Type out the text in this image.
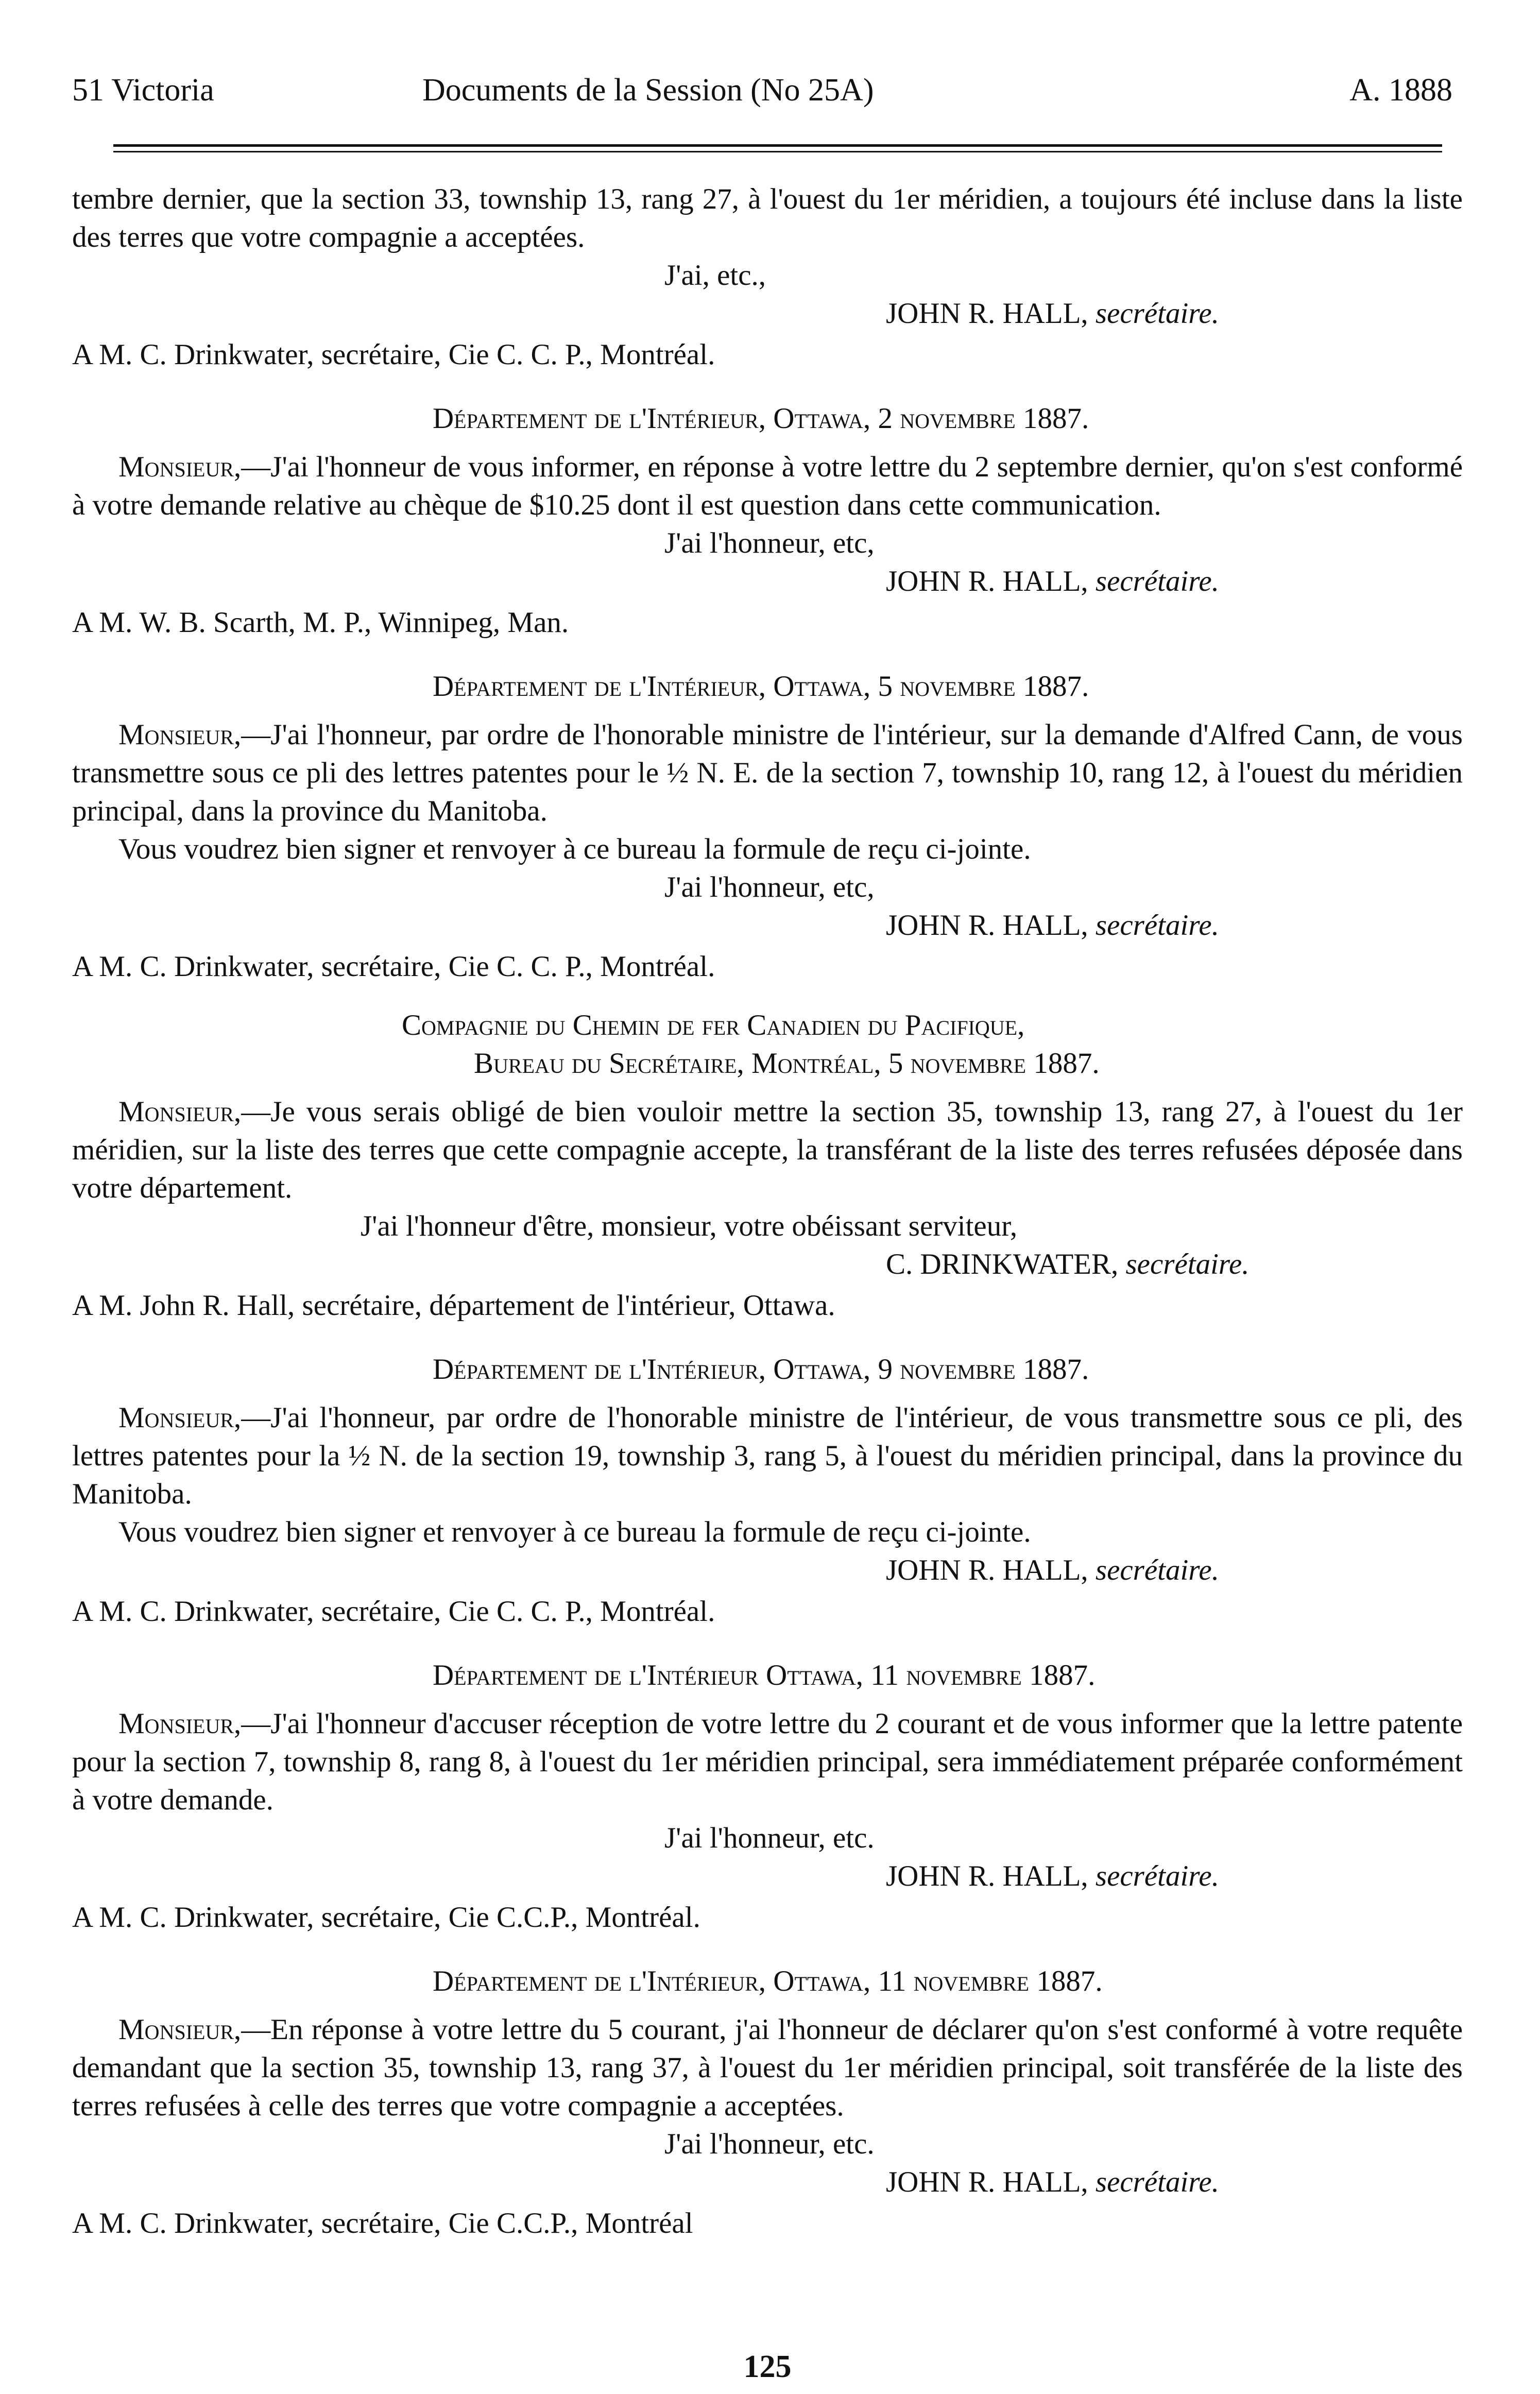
51 Victoria	Documents de la Session (No 25A)	A. 1888

tembre dernier, que la section 33, township 13, rang 27, à l'ouest du 1er méridien, a toujours été incluse dans la liste des terres que votre compagnie a acceptées.

J'ai, etc.,

JOHN R. HALL, secrétaire.

A M. C. Drinkwater, secrétaire, Cie C. C. P., Montréal.

Département de l'Intérieur, Ottawa, 2 novembre 1887.

Monsieur,—J'ai l'honneur de vous informer, en réponse à votre lettre du 2 septembre dernier, qu'on s'est conformé à votre demande relative au chèque de $10.25 dont il est question dans cette communication.

J'ai l'honneur, etc,

JOHN R. HALL, secrétaire.

A M. W. B. Scarth, M. P., Winnipeg, Man.

Département de l'Intérieur, Ottawa, 5 novembre 1887.

Monsieur,—J'ai l'honneur, par ordre de l'honorable ministre de l'intérieur, sur la demande d'Alfred Cann, de vous transmettre sous ce pli des lettres patentes pour le ½ N. E. de la section 7, township 10, rang 12, à l'ouest du méridien principal, dans la province du Manitoba.

Vous voudrez bien signer et renvoyer à ce bureau la formule de reçu ci-jointe.

J'ai l'honneur, etc,

JOHN R. HALL, secrétaire.

A M. C. Drinkwater, secrétaire, Cie C. C. P., Montréal.

Compagnie du Chemin de fer Canadien du Pacifique,

Bureau du Secrétaire, Montréal, 5 novembre 1887.

Monsieur,—Je vous serais obligé de bien vouloir mettre la section 35, township 13, rang 27, à l'ouest du 1er méridien, sur la liste des terres que cette compagnie accepte, la transférant de la liste des terres refusées déposée dans votre département.

J'ai l'honneur d'être, monsieur, votre obéissant serviteur,

C. DRINKWATER, secrétaire.

A M. John R. Hall, secrétaire, département de l'intérieur, Ottawa.

Département de l'Intérieur, Ottawa, 9 novembre 1887.

Monsieur,—J'ai l'honneur, par ordre de l'honorable ministre de l'intérieur, de vous transmettre sous ce pli, des lettres patentes pour la ½ N. de la section 19, township 3, rang 5, à l'ouest du méridien principal, dans la province du Manitoba.

Vous voudrez bien signer et renvoyer à ce bureau la formule de reçu ci-jointe.

JOHN R. HALL, secrétaire.

A M. C. Drinkwater, secrétaire, Cie C. C. P., Montréal.

Département de l'Intérieur Ottawa, 11 novembre 1887.

Monsieur,—J'ai l'honneur d'accuser réception de votre lettre du 2 courant et de vous informer que la lettre patente pour la section 7, township 8, rang 8, à l'ouest du 1er méridien principal, sera immédiatement préparée conformément à votre demande.

J'ai l'honneur, etc.

JOHN R. HALL, secrétaire.

A M. C. Drinkwater, secrétaire, Cie C.C.P., Montréal.

Département de l'Intérieur, Ottawa, 11 novembre 1887.

Monsieur,—En réponse à votre lettre du 5 courant, j'ai l'honneur de déclarer qu'on s'est conformé à votre requête demandant que la section 35, township 13, rang 37, à l'ouest du 1er méridien principal, soit transférée de la liste des terres refusées à celle des terres que votre compagnie a acceptées.

J'ai l'honneur, etc.

JOHN R. HALL, secrétaire.

A M. C. Drinkwater, secrétaire, Cie C.C.P., Montréal

125
